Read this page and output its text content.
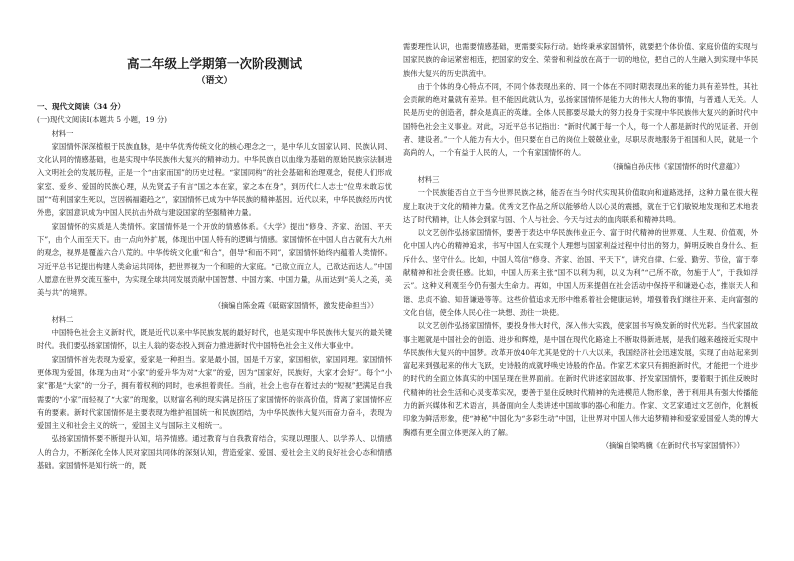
高二年级上学期第一次阶段测试
（语文）
一、现代文阅读（34 分）
(一)现代文阅读Ⅰ(本题共 5 小题，19 分)
材料一

家国情怀深深植根于民族血脉，是中华优秀传统文化的核心理念之一，是中华儿女国家认同、民族认同、文化认同的情感基础，也是实现中华民族伟大复兴的精神动力。中华民族自以血缘为基础的原始民族宗法制进入文明社会的发展历程，正是一个“由家而国”的历史过程。“家国同构”的社会基础和治理观念，促使人们形成家室、爱乡、爱国的民族心理，从先贤孟子有言“国之本在家，家之本在身”，到历代仁人志士“位卑未敢忘忧国”“苟利国家生死以，岂因祸福避趋之”，家国情怀已成为中华民族的精神基因。近代以来，中华民族经历内忧外患，家国意识成为中国人民抗击外敌与建设国家的坚强精神力量。

家国情怀的实质是人类情怀。家国情怀是一个开放的情感体系。《大学》提出“修身、齐家、治国、平天下”，由个人而至天下。由一点向外扩展，体现出中国人特有的逻辑与情感。家国情怀在中国人自古就有大九州的观念，视界是覆盖六合八荒的。中华传统文化重“和合”，倡导“和而不同”，家国情怀始终内蕴着人类情怀。习近平总书记提出构建人类命运共同体，把世界视为一个和睦的大家庭。“己欲立而立人，己欲达而达人。”中国人愿意在世界交流互鉴中，为实现全球共同发展贡献中国智慧、中国方案、中国力量，从而达到“美人之美，美美与共”的境界。

（摘编自陈金霞《砥砺家国情怀，激发使命担当》）
材料二

中国特色社会主义新时代，既是近代以来中华民族发展的最好时代，也是实现中华民族伟大复兴的最关键时代。我们要弘扬家国情怀，以主人翁的姿态投入到奋力推进新时代中国特色社会主义伟大事业中。

家国情怀首先表现为爱家，爱家是一种担当。家是最小国，国是千万家，家国相依，家国同理。家国情怀更体现为爱国，体现为由对“小家”的爱升华为对“大家”的爱，因为“国家好，民族好，大家才会好”。每个“小家”都是“大家”的一分子，拥有着权利的同时，也承担着责任。当前，社会上也存在着过去的“短视”把满足自我需要的“小家”而轻视了“大家”的现象，以财富名利的现实满足挤压了家国情怀的崇高价值，背离了家国情怀应有的要素。新时代家国情怀是主要表现为维护祖国统一和民族团结，为中华民族伟大复兴而奋力奋斗，表现为爱国主义和社会主义的统一，爱国主义与国际主义相统一。

弘扬家国情怀要不断提升认知，培养情感。通过教育与自我教育结合，实现以理服人、以学养人、以情感人的合力，不断深化全体人民对家国共同体的深刻认知，营造爱家、爱国、爱社会主义的良好社会心态和情感基础。家国情怀是知行统一的，既

需要理性认识，也需要情感基础，更需要实际行动。始终秉承家国情怀，就要把个体价值、家庭价值的实现与国家民族的命运紧密相连，把国家的安全、荣誉和利益放在高于一切的地位，把自己的人生融入到实现中华民族伟大复兴的历史洪流中。

由于个体的身心特点不同，不同个体表现出来的、同一个体在不同时期表现出来的能力具有差异性，其社会贡献的绝对量就有差异。但不能因此就认为，弘扬家国情怀是能力大的伟大人物的事情，与普通人无关。人民是历史的创造者，群众是真正的英雄。全体人民都要尽最大的努力投身于实现中华民族伟大复兴的新时代中国特色社会主义事业。对此，习近平总书记指出：“新时代属于每一个人，每一个人都是新时代的见证者、开创者、建设者。”一个人能力有大小，但只要在自己的岗位上兢兢业业，尽职尽责地服务于祖国和人民，就是一个高尚的人，一个有益于人民的人，一个有家国情怀的人。

（摘编自孙庆伟《家国情怀的时代意蕴》）
材料三

一个民族能否自立于当今世界民族之林，能否在当今时代实现其价值取向和道路选择，这种力量在很大程度上取决于文化的精神力量。优秀文艺作品之所以能够给人以心灵的震撼，就在于它们敏锐地发现和艺术地表达了时代精神，让人体会到家与国、个人与社会、今天与过去的血肉联系和精神共鸣。

以文艺创作弘扬家国情怀，要善于表达中华民族伟业正今、富于时代精神的世界观、人生观、价值观，外化中国人内心的精神追求，书写中国人在实现个人理想与国家利益过程中付出的努力，鲜明反映自身什么、拒斥什么、坚守什么。比如，中国人笃信“修身、齐家、治国、平天下”，讲究自律、仁爱、勤劳、节俭，富于奉献精神和社会责任感。比如，中国人历来主张“国不以利为利，以义为利”“己所不欲，勿施于人”，于我如浮云”。这种义利观至今仍有强大生命力。再如，中国人历来提倡在社会活动中保持平和谦逊心态，推崇天人和谐、忠贞不渝、知昔谦逊等等。这些价值追求无形中维系着社会健康运转，增强着我们继往开来、走向富强的文化自信，使全体人民心往一块想、劲往一块使。

以文艺创作弘扬家国情怀，要投身伟大时代，深入伟大实践，使家国书写焕发新的时代光彩。当代家国故事主题就是中国社会的创造、进步和辉煌，是中国在现代化路途上不断取得新进展，是我们越来越接近实现中华民族伟大复兴的中国梦。改革开放40年尤其是党的十八大以来，我国经济社会迅速发展，实现了由站起来到富起来到强起来的伟大飞跃，史诗般的成就呼唤史诗般的作品。作家艺术家只有拥抱新时代，才能把一个进步的时代的全面立体真实的中国呈现在世界面前。在新时代讲述家国故事、抒发家国情怀，要着眼于抓住反映时代精神的社会生活和心灵变革实况，要善于显住反映时代精神的先进模范人物形象，善于利用具有强大传播能力的新兴媒体和艺术语言，具备面向全人类讲述中国故事的器心和能力。作家、文艺家通过文艺创作，化割板印象为鲜活形象，使“神秘”中国化为“多彩生动”中国，让世界对中国人伟大追梦精神和爱家爱国爱人类的博大胸襟有更全面立体更深入的了解。

（摘编自梁鸣骥《在新时代书写家国情怀》）
